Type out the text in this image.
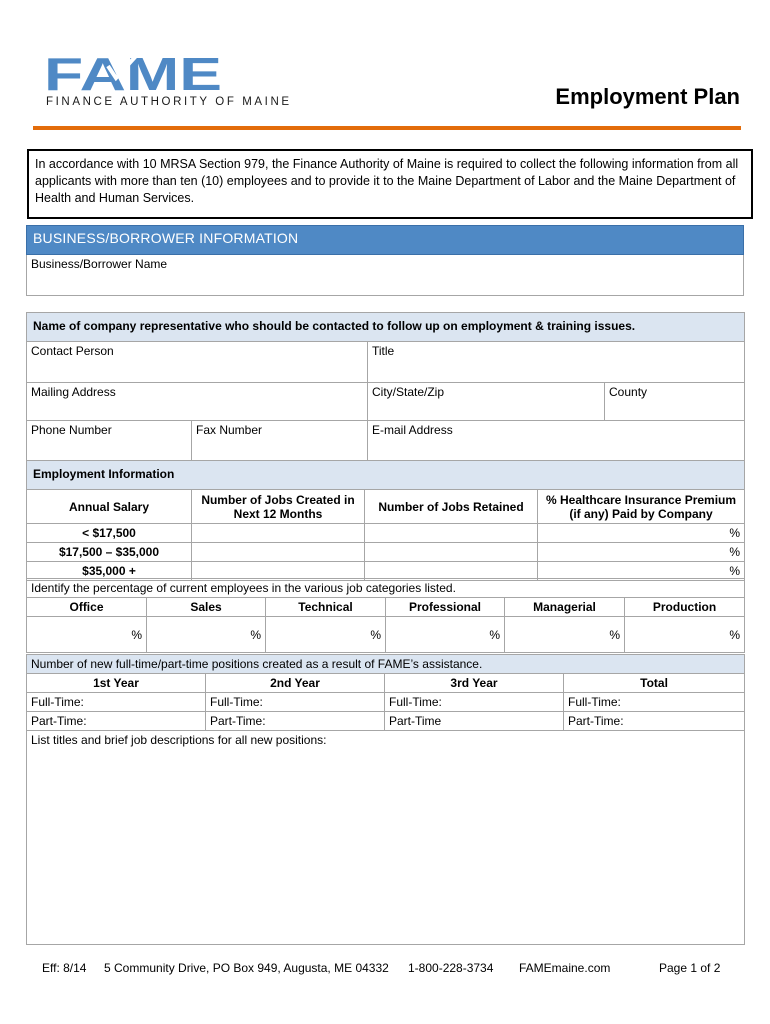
FAME
FINANCE AUTHORITY OF MAINE	Employment Plan
In accordance with 10 MRSA Section 979, the Finance Authority of Maine is required to collect the following information from all applicants with more than ten (10) employees and to provide it to the Maine Department of Labor and the Maine Department of Health and Human Services.
BUSINESS/BORROWER INFORMATION
Business/Borrower Name
Name of company representative who should be contacted to follow up on employment & training issues.			
Contact Person		Title	
Mailing Address		City/State/Zip	County
Phone Number	Fax Number	E-mail Address	
Employment Information			
Annual Salary	Number of Jobs Created in Next 12 Months	Number of Jobs Retained	% Healthcare Insurance Premium (if any) Paid by Company
< $17,500			%
$17,500 – $35,000			%
$35,000 +			%
Identify the percentage of current employees in the various job categories listed.					
Office	Sales	Technical	Professional	Managerial	Production
%	%	%	%	%	%
Number of new full-time/part-time positions created as a result of FAME’s assistance.			
1st Year	2nd Year	3rd Year	Total
Full-Time:	Full-Time:	Full-Time:	Full-Time:
Part-Time:	Part-Time:	Part-Time	Part-Time:
List titles and brief job descriptions for all new positions:			
Eff: 8/14 5 Community Drive, PO Box 949, Augusta, ME 04332 1-800-228-3734 FAMEmaine.com	Page 1 of 2
